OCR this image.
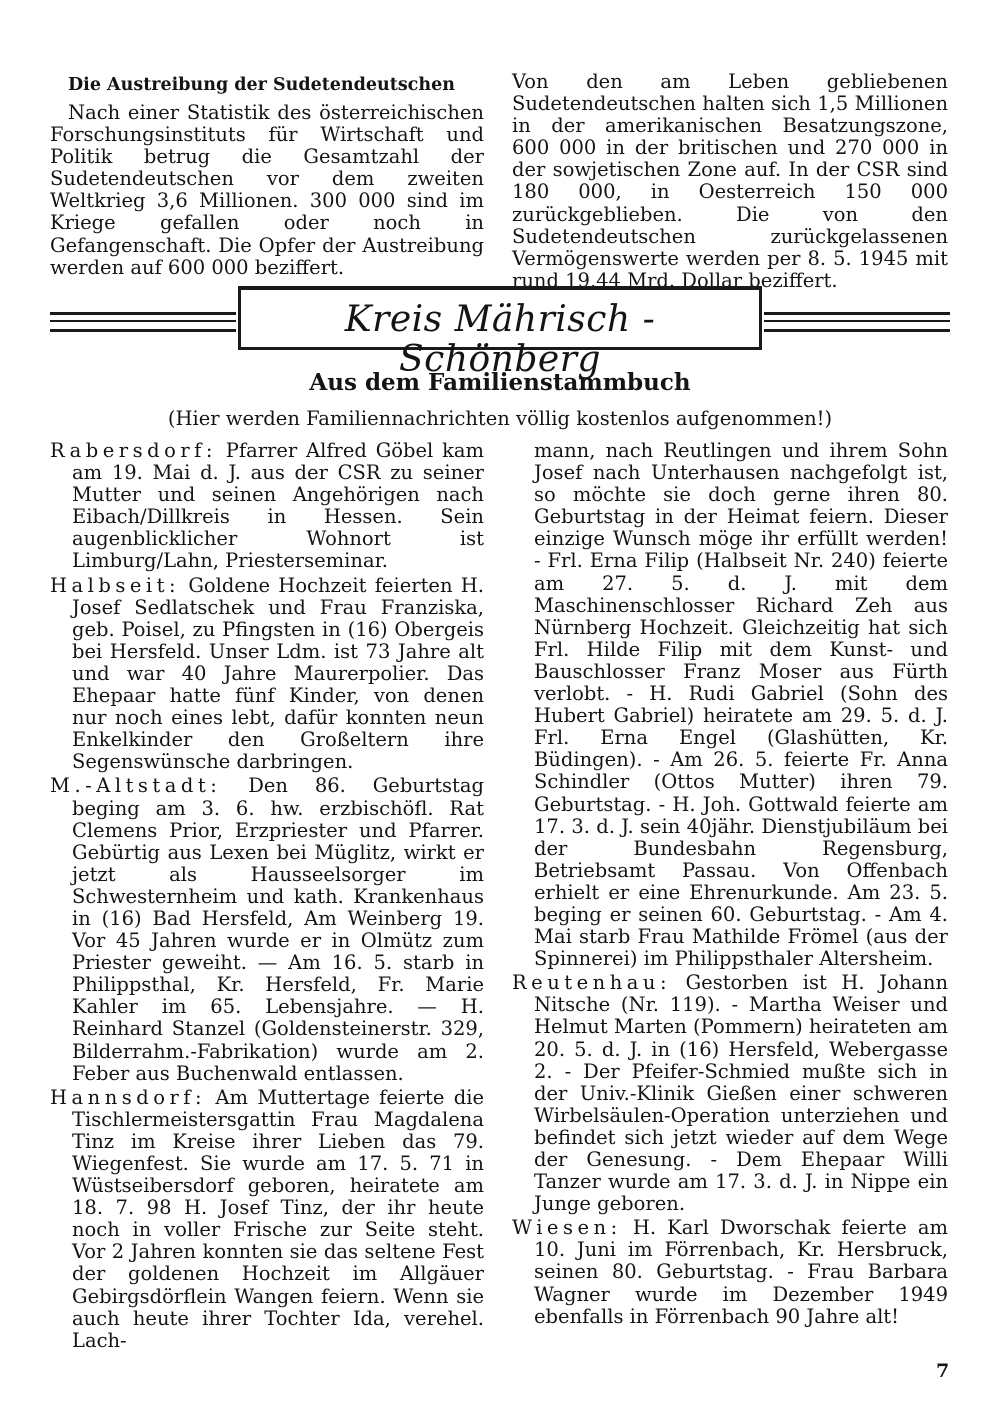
Die Austreibung der Sudetendeutschen

Nach einer Statistik des österreichischen Forschungsinstituts für Wirtschaft und Politik betrug die Gesamtzahl der Sudetendeutschen vor dem zweiten Weltkrieg 3,6 Millionen. 300 000 sind im Kriege gefallen oder noch in Gefangenschaft. Die Opfer der Austreibung werden auf 600 000 beziffert.

Von den am Leben gebliebenen Sudetendeutschen halten sich 1,5 Millionen in der amerikanischen Besatzungszone, 600 000 in der britischen und 270 000 in der sowjetischen Zone auf. In der CSR sind 180 000, in Oesterreich 150 000 zurückgeblieben. Die von den Sudetendeutschen zurückgelassenen Vermögenswerte werden per 8. 5. 1945 mit rund 19,44 Mrd. Dollar beziffert.

Kreis Mährisch - Schönberg
Aus dem Familienstammbuch
(Hier werden Familiennachrichten völlig kostenlos aufgenommen!)

Rabersdorf: Pfarrer Alfred Göbel kam am 19. Mai d. J. aus der CSR zu seiner Mutter und seinen Angehörigen nach Eibach/Dillkreis in Hessen. Sein augenblicklicher Wohnort ist Limburg/Lahn, Priesterseminar.

Halbseit: Goldene Hochzeit feierten H. Josef Sedlatschek und Frau Franziska, geb. Poisel, zu Pfingsten in (16) Obergeis bei Hersfeld. Unser Ldm. ist 73 Jahre alt und war 40 Jahre Maurerpolier. Das Ehepaar hatte fünf Kinder, von denen nur noch eines lebt, dafür konnten neun Enkelkinder den Großeltern ihre Segenswünsche darbringen.

M.-Altstadt: Den 86. Geburtstag beging am 3. 6. hw. erzbischöfl. Rat Clemens Prior, Erzpriester und Pfarrer. Gebürtig aus Lexen bei Müglitz, wirkt er jetzt als Hausseelsorger im Schwesternheim und kath. Krankenhaus in (16) Bad Hersfeld, Am Weinberg 19. Vor 45 Jahren wurde er in Olmütz zum Priester geweiht. — Am 16. 5. starb in Philippsthal, Kr. Hersfeld, Fr. Marie Kahler im 65. Lebensjahre. — H. Reinhard Stanzel (Goldensteinerstr. 329, Bilderrahm.-Fabrikation) wurde am 2. Feber aus Buchenwald entlassen.

Hannsdorf: Am Muttertage feierte die Tischlermeistersgattin Frau Magdalena Tinz im Kreise ihrer Lieben das 79. Wiegenfest. Sie wurde am 17. 5. 71 in Wüstseibersdorf geboren, heiratete am 18. 7. 98 H. Josef Tinz, der ihr heute noch in voller Frische zur Seite steht. Vor 2 Jahren konnten sie das seltene Fest der goldenen Hochzeit im Allgäuer Gebirgsdörflein Wangen feiern. Wenn sie auch heute ihrer Tochter Ida, verehel. Lach-

mann, nach Reutlingen und ihrem Sohn Josef nach Unterhausen nachgefolgt ist, so möchte sie doch gerne ihren 80. Geburtstag in der Heimat feiern. Dieser einzige Wunsch möge ihr erfüllt werden! - Frl. Erna Filip (Halbseit Nr. 240) feierte am 27. 5. d. J. mit dem Maschinenschlosser Richard Zeh aus Nürnberg Hochzeit. Gleichzeitig hat sich Frl. Hilde Filip mit dem Kunst- und Bauschlosser Franz Moser aus Fürth verlobt. - H. Rudi Gabriel (Sohn des Hubert Gabriel) heiratete am 29. 5. d. J. Frl. Erna Engel (Glashütten, Kr. Büdingen). - Am 26. 5. feierte Fr. Anna Schindler (Ottos Mutter) ihren 79. Geburtstag. - H. Joh. Gottwald feierte am 17. 3. d. J. sein 40jähr. Dienstjubiläum bei der Bundesbahn Regensburg, Betriebsamt Passau. Von Offenbach erhielt er eine Ehrenurkunde. Am 23. 5. beging er seinen 60. Geburtstag. - Am 4. Mai starb Frau Mathilde Frömel (aus der Spinnerei) im Philippsthaler Altersheim.

Reutenhau: Gestorben ist H. Johann Nitsche (Nr. 119). - Martha Weiser und Helmut Marten (Pommern) heirateten am 20. 5. d. J. in (16) Hersfeld, Webergasse 2. - Der Pfeifer-Schmied mußte sich in der Univ.-Klinik Gießen einer schweren Wirbelsäulen-Operation unterziehen und befindet sich jetzt wieder auf dem Wege der Genesung. - Dem Ehepaar Willi Tanzer wurde am 17. 3. d. J. in Nippe ein Junge geboren.

Wiesen: H. Karl Dworschak feierte am 10. Juni im Förrenbach, Kr. Hersbruck, seinen 80. Geburtstag. - Frau Barbara Wagner wurde im Dezember 1949 ebenfalls in Förrenbach 90 Jahre alt!

7
